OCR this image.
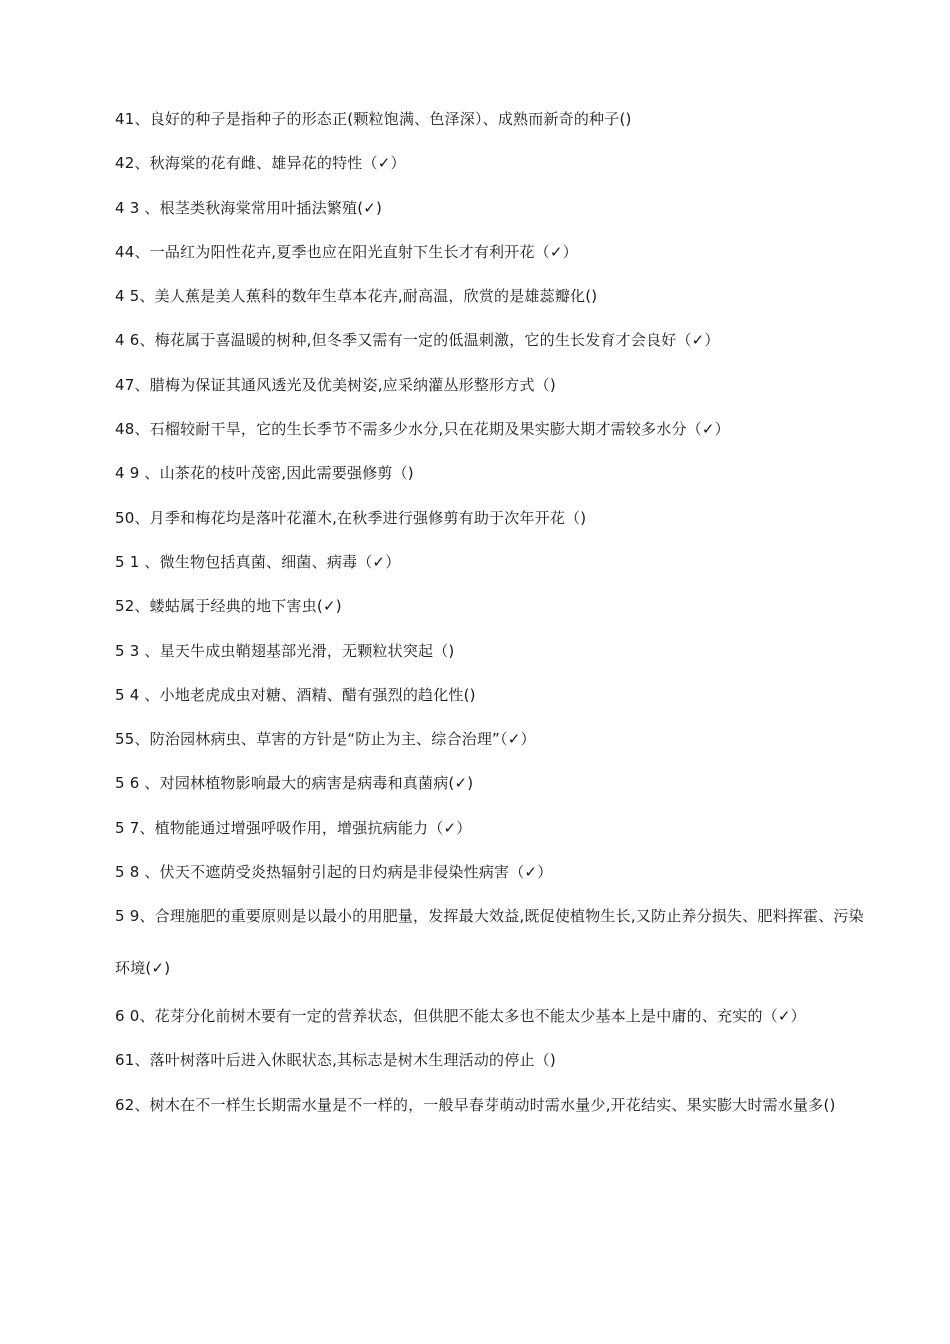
41、良好的种子是指种子的形态正(颗粒饱满、色泽深）、成熟而新奇的种子()
42、秋海棠的花有雌、雄异花的特性（✓）
4 3 、根茎类秋海棠常用叶插法繁殖(✓)
44、一品红为阳性花卉,夏季也应在阳光直射下生长才有利开花（✓）
4 5、美人蕉是美人蕉科的数年生草本花卉,耐高温，欣赏的是雄蕊瓣化()
4 6、梅花属于喜温暖的树种,但冬季又需有一定的低温刺激，它的生长发育才会良好（✓）
47、腊梅为保证其通风透光及优美树姿,应采纳灌丛形整形方式（)
48、石榴较耐干旱，它的生长季节不需多少水分,只在花期及果实膨大期才需较多水分（✓）
4 9 、山茶花的枝叶茂密,因此需要强修剪（)
50、月季和梅花均是落叶花灌木,在秋季进行强修剪有助于次年开花（)
5 1 、微生物包括真菌、细菌、病毒（✓）
52、蝼蛄属于经典的地下害虫(✓)
5 3 、星天牛成虫鞘翅基部光滑，无颗粒状突起（)
5 4 、小地老虎成虫对糖、酒精、醋有强烈的趋化性()
55、防治园林病虫、草害的方针是“防止为主、综合治理”（✓）
5 6 、对园林植物影响最大的病害是病毒和真菌病(✓)
5 7、植物能通过增强呼吸作用，增强抗病能力（✓）
5 8 、伏天不遮荫受炎热辐射引起的日灼病是非侵染性病害（✓）
5 9、合理施肥的重要原则是以最小的用肥量，发挥最大效益,既促使植物生长,又防止养分损失、肥料挥霍、污染环境(✓)
6 0、花芽分化前树木要有一定的营养状态，但供肥不能太多也不能太少基本上是中庸的、充实的（✓）
61、落叶树落叶后进入休眠状态,其标志是树木生理活动的停止（)
62、树木在不一样生长期需水量是不一样的，一般早春芽萌动时需水量少,开花结实、果实膨大时需水量多()
